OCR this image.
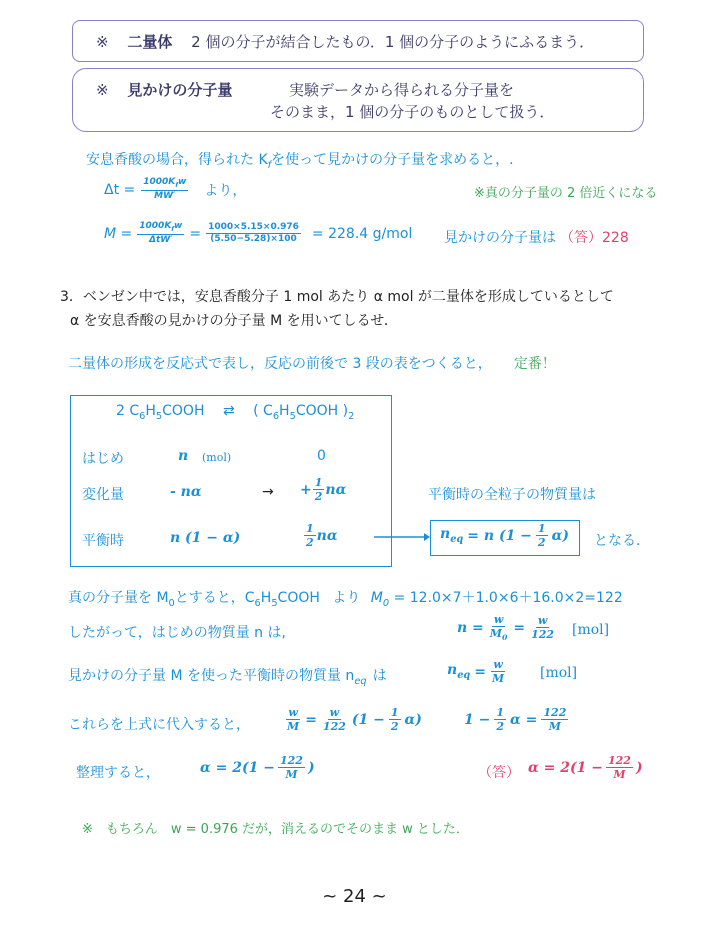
※ 二量体 2 個の分子が結合したもの．1 個の分子のようにふるまう．
※ 見かけの分子量	実験データから得られる分子量を
そのまま，1 個の分子のものとして扱う．
安息香酸の場合，得られた $K_f$を使って見かけの分子量を求めると，.
$\Delta t = \frac{1000K_fw}{MW'}$ より，	※真の分子量の 2 倍近くになる
$M = \frac{1000K_fw}{\text{ΔtW′}} = \frac{1000\times 5.15\times 0.976}{(5.50-5.28)\times 100} = 228.4$ g/mol 見かけの分子量は （答）228
3．ベンゼン中では，安息香酸分子 1 mol あたり α mol が二量体を形成しているとして
α を安息香酸の見かけの分子量 M を用いてしるせ．
二量体の形成を反応式で表し，反応の前後で 3 段の表をつくると， 定番！
2 $C_6H_5COOH$ ⇄ ( $C_6H_5COOH$ )$_2$
はじめ	n (mol)	0
変化量	- nα	→ + $\frac{1}{2}$ nα	平衡時の全粒子の物質量は
平衡時	n (1 − α)	$\frac{1}{2}$ nα	$n_{eq} = n$ $(1 - \frac{1}{2} \alpha)$ となる．
真の分子量を $M_0$とすると，$C_6H_5COOH$ より $M_0 = 12.0\times 7+1.0\times 6+16.0\times 2=122$
したがって，はじめの物質量 n は,	$n = \frac{w}{M_0} = \frac{w}{122} [mol]$
見かけの分子量 M を使った平衡時の物質量 $n_{eq}$ は	$n_{eq} = \frac{w}{M} [mol]$
これらを上式に代入すると，	$\frac{w}{M} = \frac{w}{122} (1 - \frac{1}{2} \alpha)$	$1 - \frac{1}{2}$ $\alpha = \frac{122}{M}$
整理すると，	$\alpha = 2(1 - \frac{122}{M}$ )	（答） $\alpha = 2(1 - \frac{122}{M}$ )
※　もちろん　w = 0.976 だが，消えるのでそのまま w とした．
~ 24 ~
